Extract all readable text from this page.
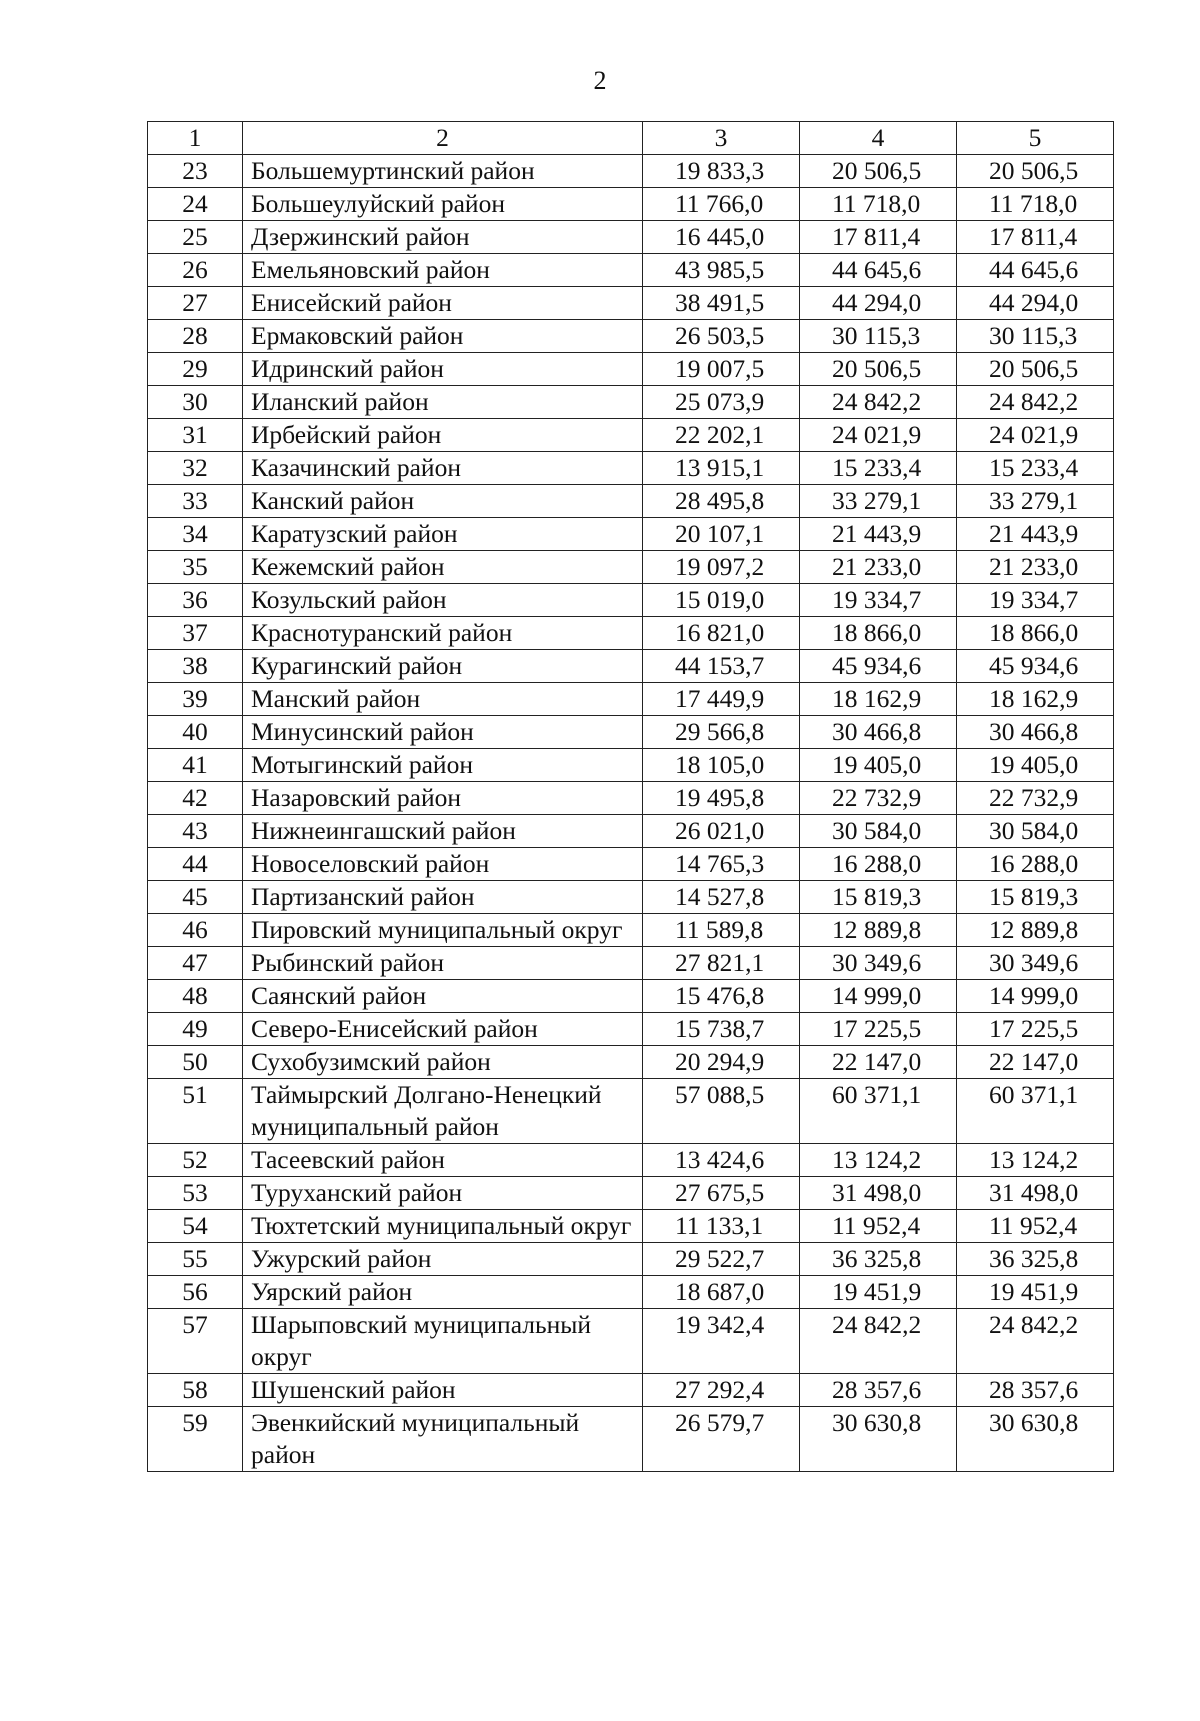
2
1	2	3	4	5
23	Большемуртинский район	19 833,3	20 506,5	20 506,5
24	Большеулуйский район	11 766,0	11 718,0	11 718,0
25	Дзержинский район	16 445,0	17 811,4	17 811,4
26	Емельяновский район	43 985,5	44 645,6	44 645,6
27	Енисейский район	38 491,5	44 294,0	44 294,0
28	Ермаковский район	26 503,5	30 115,3	30 115,3
29	Идринский район	19 007,5	20 506,5	20 506,5
30	Иланский район	25 073,9	24 842,2	24 842,2
31	Ирбейский район	22 202,1	24 021,9	24 021,9
32	Казачинский район	13 915,1	15 233,4	15 233,4
33	Канский район	28 495,8	33 279,1	33 279,1
34	Каратузский район	20 107,1	21 443,9	21 443,9
35	Кежемский район	19 097,2	21 233,0	21 233,0
36	Козульский район	15 019,0	19 334,7	19 334,7
37	Краснотуранский район	16 821,0	18 866,0	18 866,0
38	Курагинский район	44 153,7	45 934,6	45 934,6
39	Манский район	17 449,9	18 162,9	18 162,9
40	Минусинский район	29 566,8	30 466,8	30 466,8
41	Мотыгинский район	18 105,0	19 405,0	19 405,0
42	Назаровский район	19 495,8	22 732,9	22 732,9
43	Нижнеингашский район	26 021,0	30 584,0	30 584,0
44	Новоселовский район	14 765,3	16 288,0	16 288,0
45	Партизанский район	14 527,8	15 819,3	15 819,3
46	Пировский муниципальный округ	11 589,8	12 889,8	12 889,8
47	Рыбинский район	27 821,1	30 349,6	30 349,6
48	Саянский район	15 476,8	14 999,0	14 999,0
49	Северо-Енисейский район	15 738,7	17 225,5	17 225,5
50	Сухобузимский район	20 294,9	22 147,0	22 147,0
51	Таймырский Долгано-Ненецкий муниципальный район	57 088,5	60 371,1	60 371,1
52	Тасеевский район	13 424,6	13 124,2	13 124,2
53	Туруханский район	27 675,5	31 498,0	31 498,0
54	Тюхтетский муниципальный округ	11 133,1	11 952,4	11 952,4
55	Ужурский район	29 522,7	36 325,8	36 325,8
56	Уярский район	18 687,0	19 451,9	19 451,9
57	Шарыповский муниципальный округ	19 342,4	24 842,2	24 842,2
58	Шушенский район	27 292,4	28 357,6	28 357,6
59	Эвенкийский муниципальный район	26 579,7	30 630,8	30 630,8
